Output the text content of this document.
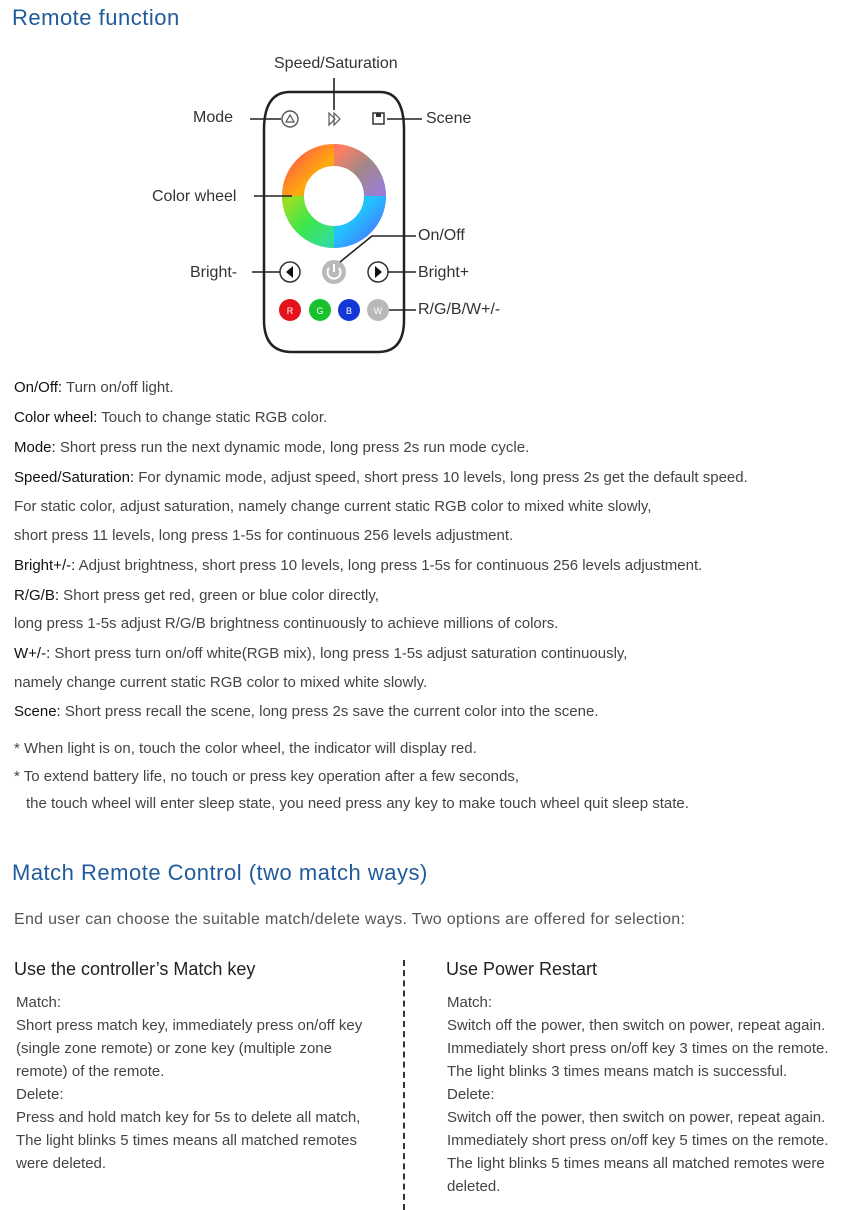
Remote function
R	G B W
Speed/Saturation
Mode	Scene
Color wheel
On/Off
Bright-	Bright+
R/G/B/W+/-
On/Off: Turn on/off light.
Color wheel: Touch to change static RGB color.
Mode: Short press run the next dynamic mode, long press 2s run mode cycle.
Speed/Saturation: For dynamic mode, adjust speed, short press 10 levels, long press 2s get the default speed.
For static color, adjust saturation, namely change current static RGB color to mixed white slowly,
short press 11 levels, long press 1-5s for continuous 256 levels adjustment.
Bright+/-: Adjust brightness, short press 10 levels, long press 1-5s for continuous 256 levels adjustment.
R/G/B: Short press get red, green or blue color directly,
long press 1-5s adjust R/G/B brightness continuously to achieve millions of colors.
W+/-: Short press turn on/off white(RGB mix), long press 1-5s adjust saturation continuously,
namely change current static RGB color to mixed white slowly.
Scene: Short press recall the scene, long press 2s save the current color into the scene.
* When light is on, touch the color wheel, the indicator will display red.
* To extend battery life, no touch or press key operation after a few seconds,
the touch wheel will enter sleep state, you need press any key to make touch wheel quit sleep state.
Match Remote Control (two match ways)
End user can choose the suitable match/delete ways. Two options are offered for selection:
Use the controller’s Match key
Match:
Short press match key, immediately press on/off key (single zone remote) or zone key (multiple zone remote) of the remote.
Delete:
Press and hold match key for 5s to delete all match, The light blinks 5 times means all matched remotes were deleted.
Use Power Restart
Match:
Switch off the power, then switch on power, repeat again. Immediately short press on/off key 3 times on the remote. The light blinks 3 times means match is successful.
Delete:
Switch off the power, then switch on power, repeat again. Immediately short press on/off key 5 times on the remote. The light blinks 5 times means all matched remotes were deleted.
